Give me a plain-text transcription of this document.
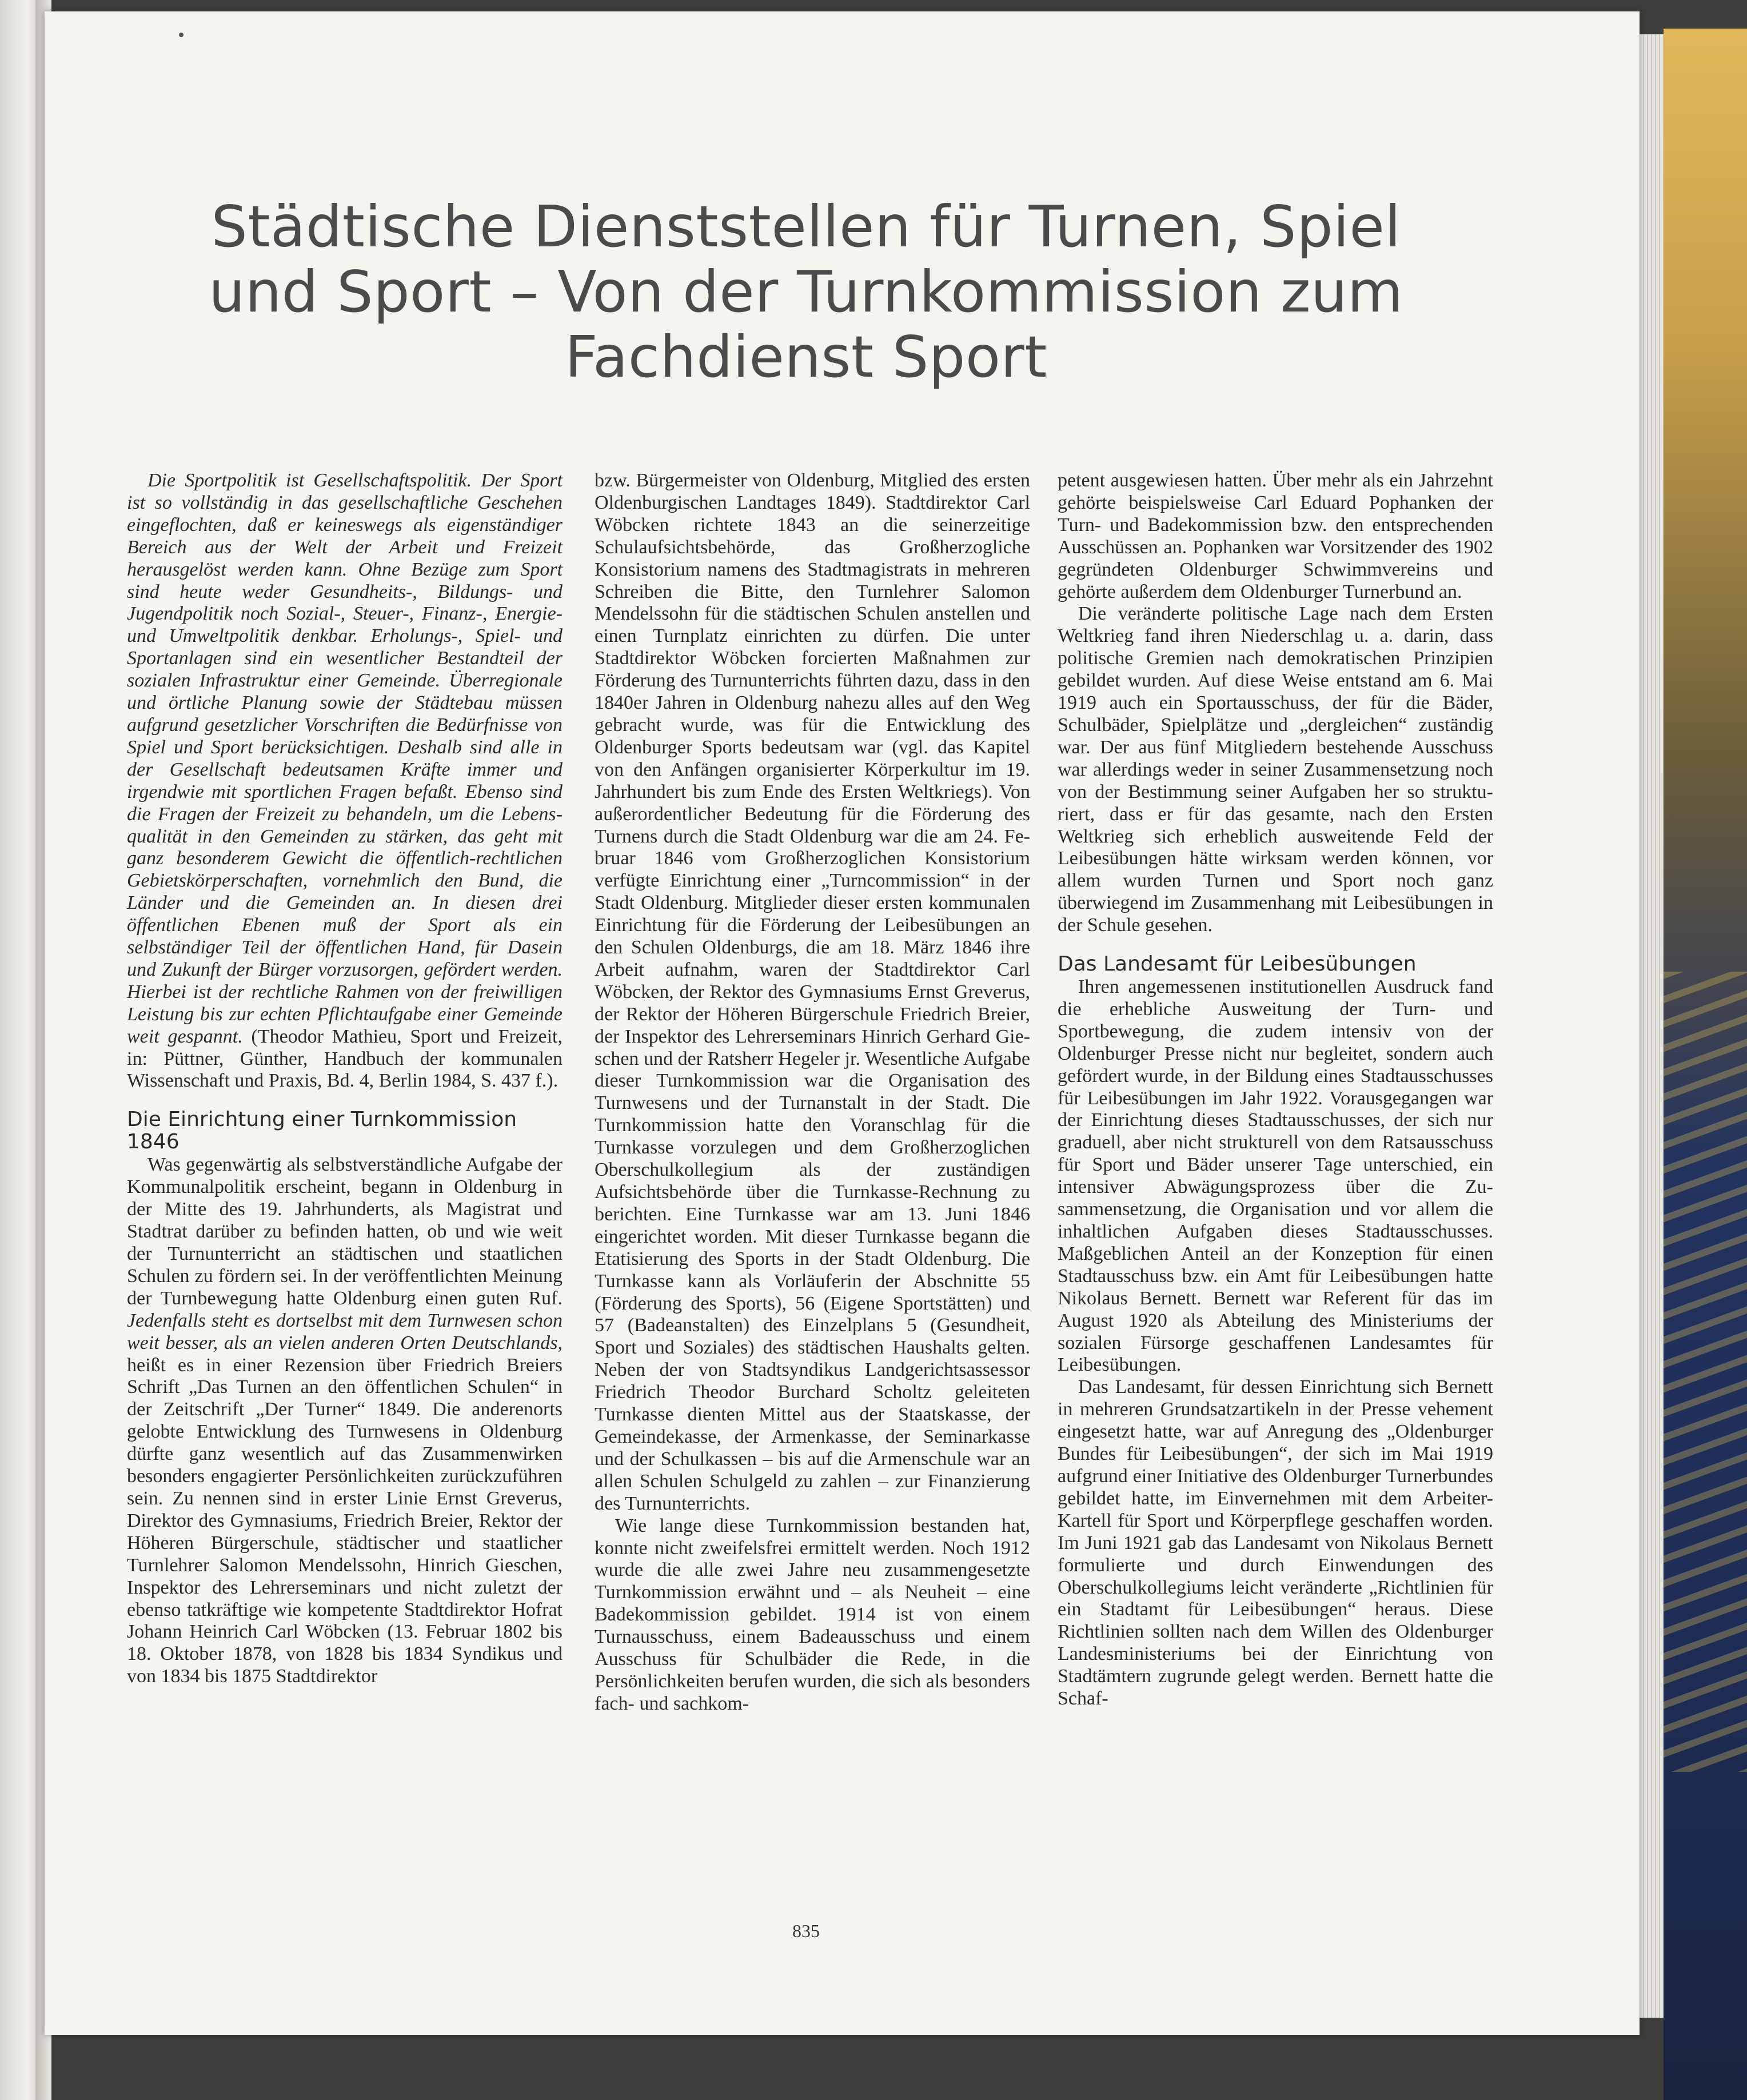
Städtische Dienststellen für Turnen, Spiel und Sport – Von der Turnkommission zum Fachdienst Sport

Die Sportpolitik ist Gesellschaftspolitik. Der Sport ist so vollständig in das gesellschaftliche Geschehen eingeflochten, daß er keineswegs als eigenständiger Bereich aus der Welt der Arbeit und Freizeit herausgelöst werden kann. Ohne Bezüge zum Sport sind heute weder Gesundheits-, Bildungs- und Jugendpolitik noch Sozial-, Steuer-, Finanz-, Energie- und Umweltpolitik denkbar. Erholungs-, Spiel- und Sportanlagen sind ein wesentlicher Bestandteil der sozialen Infrastruktur einer Gemeinde. Überregionale und örtliche Planung sowie der Städtebau müssen aufgrund gesetzlicher Vorschriften die Bedürfnisse von Spiel und Sport berücksichtigen. Deshalb sind alle in der Gesellschaft bedeutsamen Kräfte immer und irgendwie mit sportlichen Fragen befaßt. Ebenso sind die Fragen der Freizeit zu behandeln, um die Lebensqualität in den Gemeinden zu stärken, das geht mit ganz besonderem Gewicht die öffentlich-rechtlichen Gebietskörperschaften, vornehmlich den Bund, die Länder und die Gemeinden an. In diesen drei öffentlichen Ebenen muß der Sport als ein selbständiger Teil der öffentlichen Hand, für Dasein und Zukunft der Bürger vorzusorgen, gefördert werden. Hierbei ist der rechtliche Rahmen von der freiwilligen Leistung bis zur echten Pflichtaufgabe einer Gemeinde weit gespannt. (Theodor Mathieu, Sport und Freizeit, in: Püttner, Günther, Handbuch der kommunalen Wissenschaft und Praxis, Bd. 4, Berlin 1984, S. 437 f.).

Die Einrichtung einer Turnkommission 1846

Was gegenwärtig als selbstverständliche Aufgabe der Kommunalpolitik erscheint, begann in Oldenburg in der Mitte des 19. Jahrhunderts, als Magistrat und Stadtrat darüber zu befinden hatten, ob und wie weit der Turnunterricht an städtischen und staatlichen Schulen zu fördern sei. In der veröffentlichten Meinung der Turnbewegung hatte Oldenburg einen guten Ruf. Jedenfalls steht es dortselbst mit dem Turnwesen schon weit besser, als an vielen anderen Orten Deutschlands, heißt es in einer Rezension über Friedrich Breiers Schrift „Das Turnen an den öffentlichen Schulen“ in der Zeitschrift „Der Turner“ 1849. Die anderenorts gelobte Entwicklung des Turnwesens in Oldenburg dürfte ganz wesentlich auf das Zusammenwirken besonders engagierter Persönlichkeiten zurückzuführen sein. Zu nennen sind in erster Linie Ernst Greverus, Direktor des Gymnasiums, Friedrich Breier, Rektor der Höheren Bürgerschule, städtischer und staatlicher Turnlehrer Salomon Mendelssohn, Hinrich Gieschen, Inspektor des Lehrerseminars und nicht zuletzt der ebenso tatkräftige wie kompetente Stadtdirektor Hofrat Johann Heinrich Carl Wöbcken (13. Februar 1802 bis 18. Oktober 1878, von 1828 bis 1834 Syndikus und von 1834 bis 1875 Stadtdirektor

bzw. Bürgermeister von Oldenburg, Mitglied des ersten Oldenburgischen Landtages 1849). Stadtdirektor Carl Wöbcken richtete 1843 an die seinerzeitige Schulaufsichtsbehörde, das Großherzogliche Konsistorium namens des Stadtmagistrats in mehreren Schreiben die Bitte, den Turnlehrer Salomon Mendelssohn für die städtischen Schulen anstellen und einen Turnplatz einrichten zu dürfen. Die unter Stadtdirektor Wöbcken forcierten Maßnahmen zur Förderung des Turnunterrichts führten dazu, dass in den 1840er Jahren in Oldenburg nahezu alles auf den Weg gebracht wurde, was für die Entwicklung des Oldenburger Sports bedeutsam war (vgl. das Kapitel von den Anfängen organisierter Körperkultur im 19. Jahrhundert bis zum Ende des Ersten Weltkriegs). Von außerordentlicher Bedeutung für die Förderung des Turnens durch die Stadt Oldenburg war die am 24. Februar 1846 vom Großherzoglichen Konsistorium verfügte Einrichtung einer „Turncommission“ in der Stadt Oldenburg. Mitglieder dieser ersten kommunalen Einrichtung für die Förderung der Leibesübungen an den Schulen Oldenburgs, die am 18. März 1846 ihre Arbeit aufnahm, waren der Stadtdirektor Carl Wöbcken, der Rektor des Gymnasiums Ernst Greverus, der Rektor der Höheren Bürgerschule Friedrich Breier, der Inspektor des Lehrerseminars Hinrich Gerhard Gieschen und der Ratsherr Hegeler jr. Wesentliche Aufgabe dieser Turnkommission war die Organisation des Turnwesens und der Turnanstalt in der Stadt. Die Turnkommission hatte den Voranschlag für die Turnkasse vorzulegen und dem Großherzoglichen Oberschulkollegium als der zuständigen Aufsichtsbehörde über die Turnkasse-Rechnung zu berichten. Eine Turnkasse war am 13. Juni 1846 eingerichtet worden. Mit dieser Turnkasse begann die Etatisierung des Sports in der Stadt Oldenburg. Die Turnkasse kann als Vorläuferin der Abschnitte 55 (Förderung des Sports), 56 (Eigene Sportstätten) und 57 (Badeanstalten) des Einzelplans 5 (Gesundheit, Sport und Soziales) des städtischen Haushalts gelten. Neben der von Stadtsyndikus Landgerichtsassessor Friedrich Theodor Burchard Scholtz geleiteten Turnkasse dienten Mittel aus der Staatskasse, der Gemeindekasse, der Armenkasse, der Seminarkasse und der Schulkassen – bis auf die Armenschule war an allen Schulen Schulgeld zu zahlen – zur Finanzierung des Turnunterrichts.

Wie lange diese Turnkommission bestanden hat, konnte nicht zweifelsfrei ermittelt werden. Noch 1912 wurde die alle zwei Jahre neu zusammengesetzte Turnkommission erwähnt und – als Neuheit – eine Badekommission gebildet. 1914 ist von einem Turnausschuss, einem Badeausschuss und einem Ausschuss für Schulbäder die Rede, in die Persönlichkeiten berufen wurden, die sich als besonders fach- und sachkom-

petent ausgewiesen hatten. Über mehr als ein Jahrzehnt gehörte beispielsweise Carl Eduard Pophanken der Turn- und Badekommission bzw. den entsprechenden Ausschüssen an. Pophanken war Vorsitzender des 1902 gegründeten Oldenburger Schwimmvereins und gehörte außerdem dem Oldenburger Turnerbund an.

Die veränderte politische Lage nach dem Ersten Weltkrieg fand ihren Niederschlag u. a. darin, dass politische Gremien nach demokratischen Prinzipien gebildet wurden. Auf diese Weise entstand am 6. Mai 1919 auch ein Sportausschuss, der für die Bäder, Schulbäder, Spielplätze und „dergleichen“ zuständig war. Der aus fünf Mitgliedern bestehende Ausschuss war allerdings weder in seiner Zusammensetzung noch von der Bestimmung seiner Aufgaben her so strukturiert, dass er für das gesamte, nach den Ersten Weltkrieg sich erheblich ausweitende Feld der Leibesübungen hätte wirksam werden können, vor allem wurden Turnen und Sport noch ganz überwiegend im Zusammenhang mit Leibesübungen in der Schule gesehen.

Das Landesamt für Leibesübungen

Ihren angemessenen institutionellen Ausdruck fand die erhebliche Ausweitung der Turn- und Sportbewegung, die zudem intensiv von der Oldenburger Presse nicht nur begleitet, sondern auch gefördert wurde, in der Bildung eines Stadtausschusses für Leibesübungen im Jahr 1922. Vorausgegangen war der Einrichtung dieses Stadtausschusses, der sich nur graduell, aber nicht strukturell von dem Ratsausschuss für Sport und Bäder unserer Tage unterschied, ein intensiver Abwägungsprozess über die Zusammensetzung, die Organisation und vor allem die inhaltlichen Aufgaben dieses Stadtausschusses. Maßgeblichen Anteil an der Konzeption für einen Stadtausschuss bzw. ein Amt für Leibesübungen hatte Nikolaus Bernett. Bernett war Referent für das im August 1920 als Abteilung des Ministeriums der sozialen Fürsorge geschaffenen Landesamtes für Leibesübungen.

Das Landesamt, für dessen Einrichtung sich Bernett in mehreren Grundsatzartikeln in der Presse vehement eingesetzt hatte, war auf Anregung des „Oldenburger Bundes für Leibesübungen“, der sich im Mai 1919 aufgrund einer Initiative des Oldenburger Turnerbundes gebildet hatte, im Einvernehmen mit dem Arbeiter-Kartell für Sport und Körperpflege geschaffen worden. Im Juni 1921 gab das Landesamt von Nikolaus Bernett formulierte und durch Einwendungen des Oberschulkollegiums leicht veränderte „Richtlinien für ein Stadtamt für Leibesübungen“ heraus. Diese Richtlinien sollten nach dem Willen des Oldenburger Landesministeriums bei der Einrichtung von Stadtämtern zugrunde gelegt werden. Bernett hatte die Schaf-

835
